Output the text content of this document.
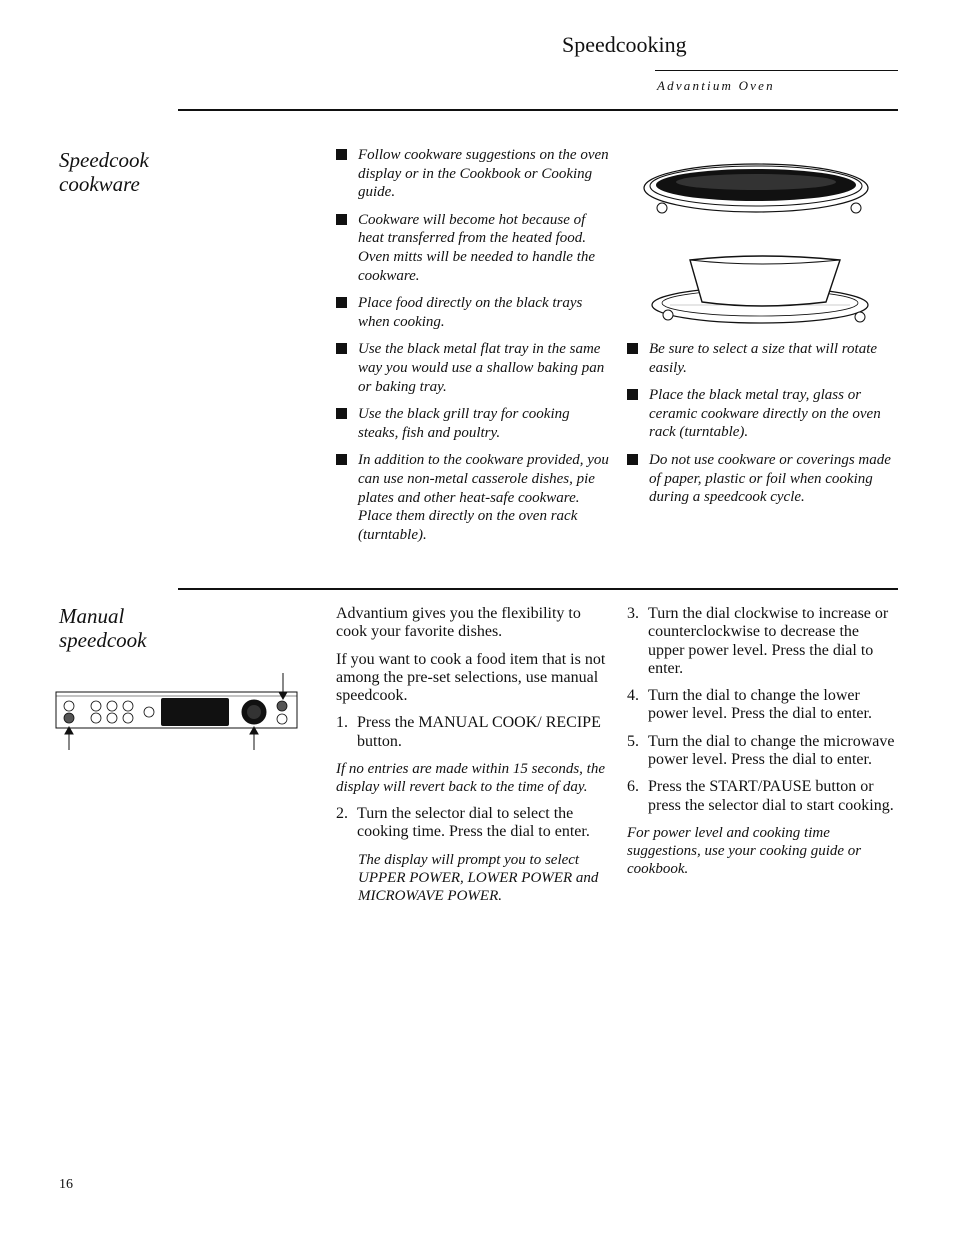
Speedcooking
Advantium Oven
Speedcook
cookware
Follow cookware suggestions on the oven display or in the Cookbook or Cooking guide.
Cookware will become hot because of heat transferred from the heated food. Oven mitts will be needed to handle the cookware.
Place food directly on the black trays when cooking.
Use the black metal flat tray in the same way you would use a shallow baking pan or baking tray.
Use the black grill tray for cooking steaks, fish and poultry.
In addition to the cookware provided, you can use non-metal casserole dishes, pie plates and other heat-safe cookware. Place them directly on the oven rack (turntable).
Be sure to select a size that will rotate easily.
Place the black metal tray, glass or ceramic cookware directly on the oven rack (turntable).
Do not use cookware or coverings made of paper, plastic or foil when cooking during a speedcook cycle.
Manual
speedcook

Advantium gives you the flexibility to cook your favorite dishes.

If you want to cook a food item that is not among the pre-set selections, use manual speedcook.

1. Press the MANUAL COOK/ RECIPE button.

If no entries are made within 15 seconds, the display will revert back to the time of day.

2. Turn the selector dial to select the cooking time. Press the dial to enter.

The display will prompt you to select UPPER POWER, LOWER POWER and MICROWAVE POWER.

3. Turn the dial clockwise to increase or counterclockwise to decrease the upper power level. Press the dial to enter.
4. Turn the dial to change the lower power level. Press the dial to enter.
5. Turn the dial to change the microwave power level. Press the dial to enter.
6. Press the START/PAUSE button or press the selector dial to start cooking.

For power level and cooking time suggestions, use your cooking guide or cookbook.

16
